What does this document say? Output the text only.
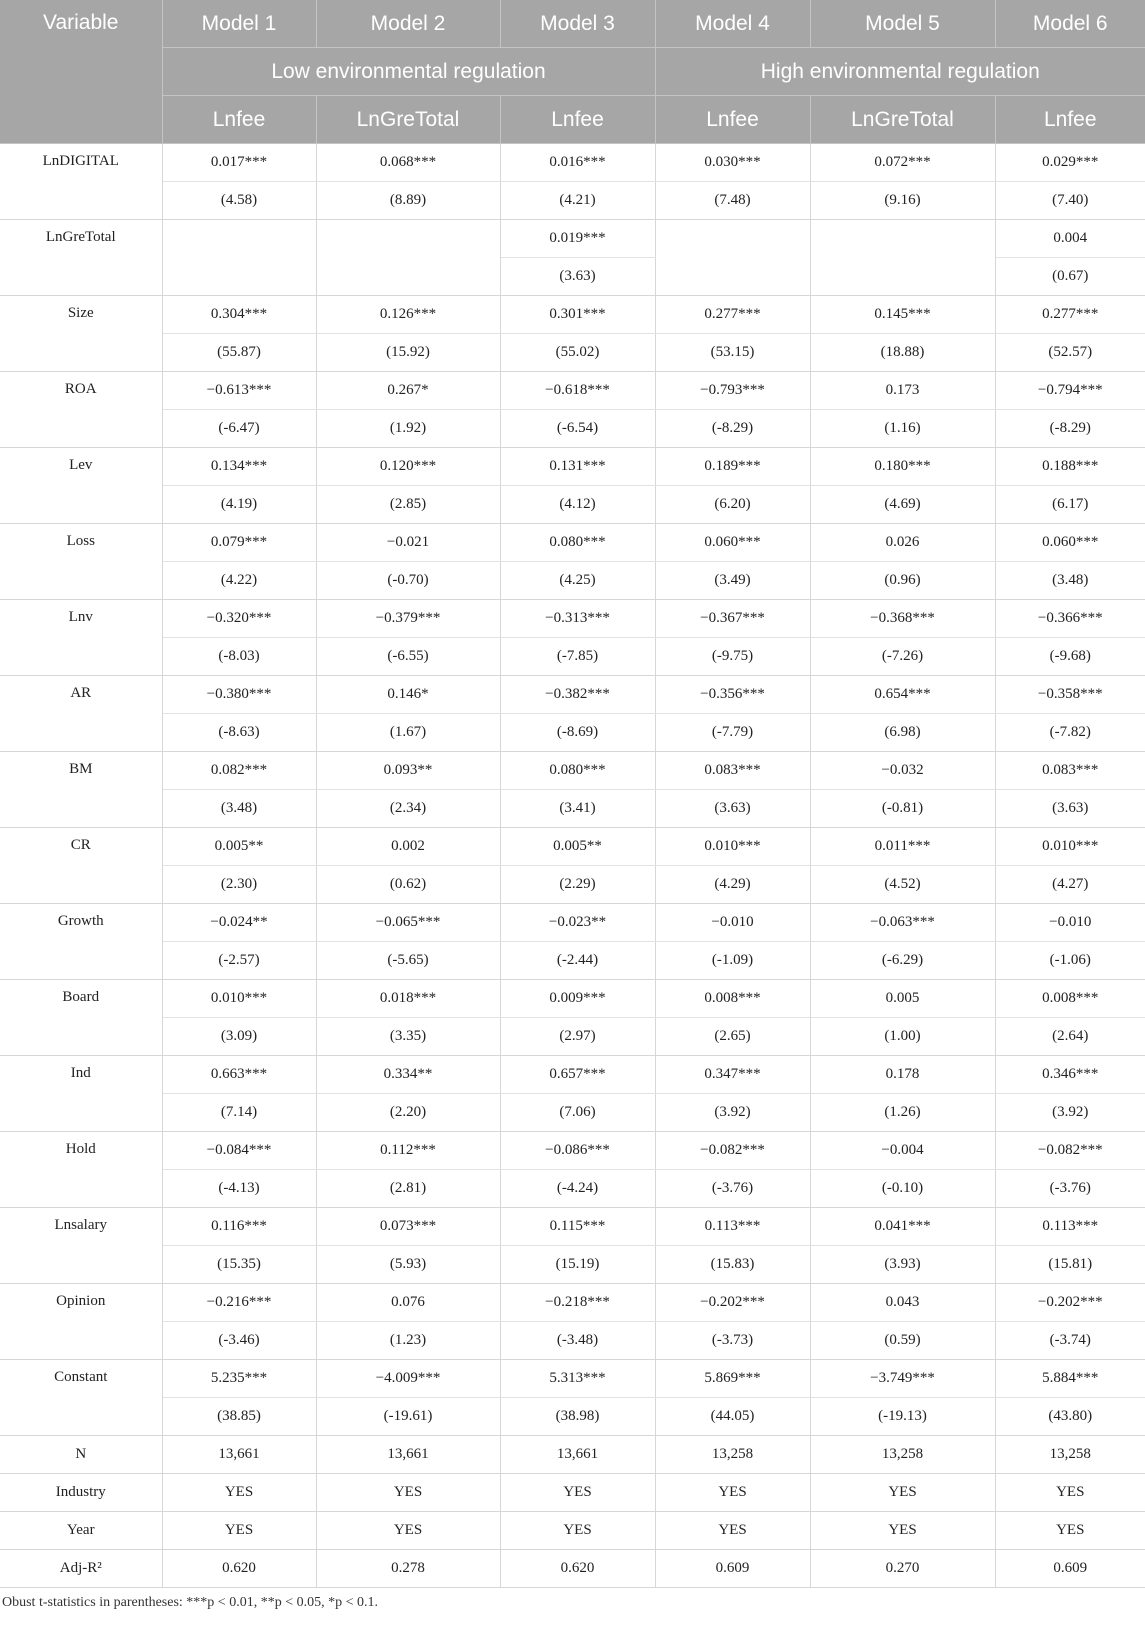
Variable	Model 1	Model 2	Model 3	Model 4	Model 5	Model 6
	Low environmental regulation			High environmental regulation		
	Lnfee	LnGreTotal	Lnfee	Lnfee	LnGreTotal	Lnfee
LnDIGITAL	0.017***	0.068***	0.016***	0.030***	0.072***	0.029***
	(4.58)	(8.89)	(4.21)	(7.48)	(9.16)	(7.40)
LnGreTotal			0.019***			0.004
			(3.63)			(0.67)
Size	0.304***	0.126***	0.301***	0.277***	0.145***	0.277***
	(55.87)	(15.92)	(55.02)	(53.15)	(18.88)	(52.57)
ROA	−0.613***	0.267*	−0.618***	−0.793***	0.173	−0.794***
	(-6.47)	(1.92)	(-6.54)	(-8.29)	(1.16)	(-8.29)
Lev	0.134***	0.120***	0.131***	0.189***	0.180***	0.188***
	(4.19)	(2.85)	(4.12)	(6.20)	(4.69)	(6.17)
Loss	0.079***	−0.021	0.080***	0.060***	0.026	0.060***
	(4.22)	(-0.70)	(4.25)	(3.49)	(0.96)	(3.48)
Lnv	−0.320***	−0.379***	−0.313***	−0.367***	−0.368***	−0.366***
	(-8.03)	(-6.55)	(-7.85)	(-9.75)	(-7.26)	(-9.68)
AR	−0.380***	0.146*	−0.382***	−0.356***	0.654***	−0.358***
	(-8.63)	(1.67)	(-8.69)	(-7.79)	(6.98)	(-7.82)
BM	0.082***	0.093**	0.080***	0.083***	−0.032	0.083***
	(3.48)	(2.34)	(3.41)	(3.63)	(-0.81)	(3.63)
CR	0.005**	0.002	0.005**	0.010***	0.011***	0.010***
	(2.30)	(0.62)	(2.29)	(4.29)	(4.52)	(4.27)
Growth	−0.024**	−0.065***	−0.023**	−0.010	−0.063***	−0.010
	(-2.57)	(-5.65)	(-2.44)	(-1.09)	(-6.29)	(-1.06)
Board	0.010***	0.018***	0.009***	0.008***	0.005	0.008***
	(3.09)	(3.35)	(2.97)	(2.65)	(1.00)	(2.64)
Ind	0.663***	0.334**	0.657***	0.347***	0.178	0.346***
	(7.14)	(2.20)	(7.06)	(3.92)	(1.26)	(3.92)
Hold	−0.084***	0.112***	−0.086***	−0.082***	−0.004	−0.082***
	(-4.13)	(2.81)	(-4.24)	(-3.76)	(-0.10)	(-3.76)
Lnsalary	0.116***	0.073***	0.115***	0.113***	0.041***	0.113***
	(15.35)	(5.93)	(15.19)	(15.83)	(3.93)	(15.81)
Opinion	−0.216***	0.076	−0.218***	−0.202***	0.043	−0.202***
	(-3.46)	(1.23)	(-3.48)	(-3.73)	(0.59)	(-3.74)
Constant	5.235***	−4.009***	5.313***	5.869***	−3.749***	5.884***
	(38.85)	(-19.61)	(38.98)	(44.05)	(-19.13)	(43.80)
N	13,661	13,661	13,661	13,258	13,258	13,258
Industry	YES	YES	YES	YES	YES	YES
Year	YES	YES	YES	YES	YES	YES
Adj-R²	0.620	0.278	0.620	0.609	0.270	0.609
Obust t-statistics in parentheses: ***p < 0.01, **p < 0.05, *p < 0.1.
